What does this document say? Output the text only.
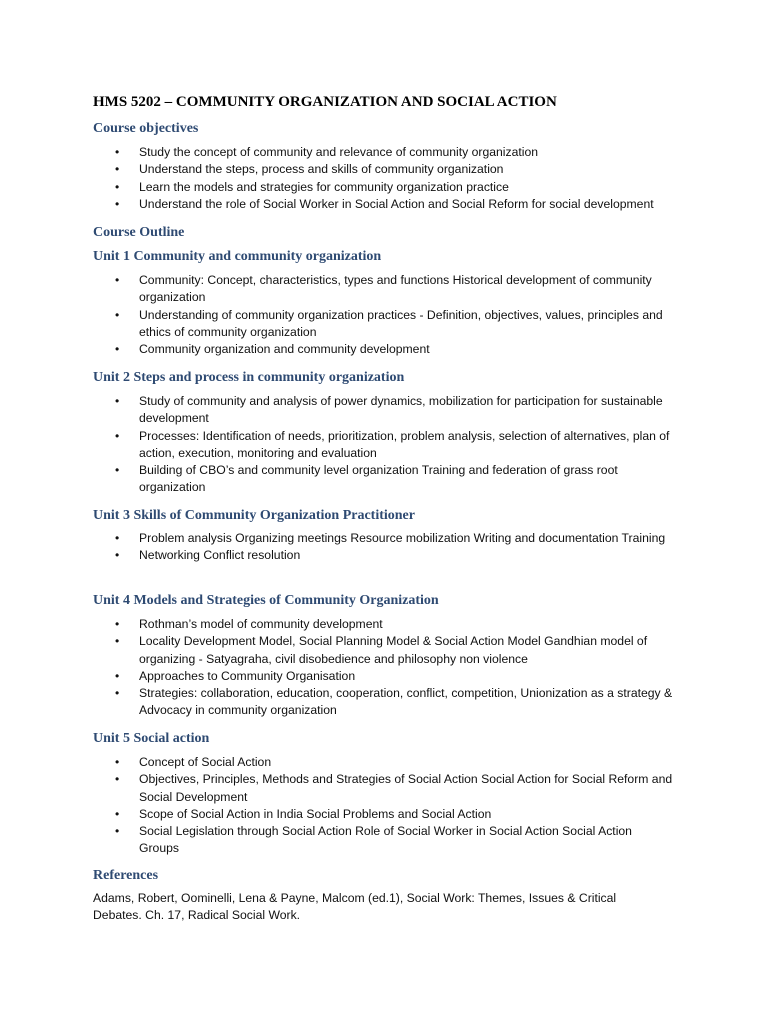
HMS 5202 – COMMUNITY ORGANIZATION AND SOCIAL ACTION
Course objectives
• Study the concept of community and relevance of community organization
• Understand the steps, process and skills of community organization
• Learn the models and strategies for community organization practice
• Understand the role of Social Worker in Social Action and Social Reform for social development
Course Outline
Unit 1 Community and community organization
• Community: Concept, characteristics, types and functions Historical development of community organization
• Understanding of community organization practices - Definition, objectives, values, principles and ethics of community organization
• Community organization and community development
Unit 2 Steps and process in community organization
• Study of community and analysis of power dynamics, mobilization for participation for sustainable development
• Processes: Identification of needs, prioritization, problem analysis, selection of alternatives, plan of action, execution, monitoring and evaluation
• Building of CBO’s and community level organization Training and federation of grass root organization
Unit 3 Skills of Community Organization Practitioner
• Problem analysis Organizing meetings Resource mobilization Writing and documentation Training
• Networking Conflict resolution
Unit 4 Models and Strategies of Community Organization
• Rothman’s model of community development
• Locality Development Model, Social Planning Model & Social Action Model Gandhian model of organizing - Satyagraha, civil disobedience and philosophy non violence
• Approaches to Community Organisation
• Strategies: collaboration, education, cooperation, conflict, competition, Unionization as a strategy & Advocacy in community organization
Unit 5 Social action
• Concept of Social Action
• Objectives, Principles, Methods and Strategies of Social Action Social Action for Social Reform and Social Development
• Scope of Social Action in India Social Problems and Social Action
• Social Legislation through Social Action Role of Social Worker in Social Action Social Action Groups
References
Adams, Robert, Oominelli, Lena & Payne, Malcom (ed.1), Social Work: Themes, Issues & Critical Debates. Ch. 17, Radical Social Work.
